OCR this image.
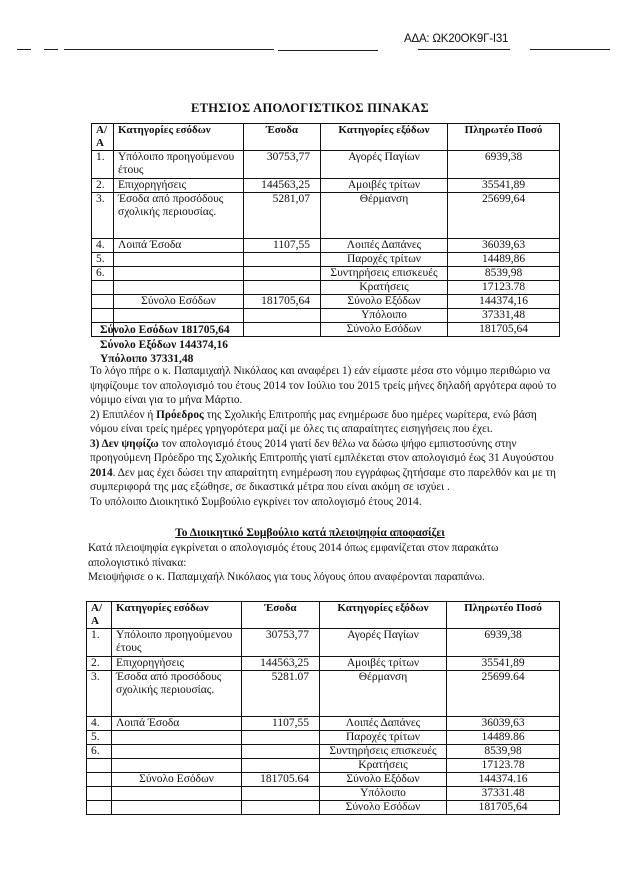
ΑΔΑ: ΩΚ20ΟΚ9Γ-Ι31
ΕΤΗΣΙΟΣ ΑΠΟΛΟΓΙΣΤΙΚΟΣ ΠΙΝΑΚΑΣ
Α/Α	Κατηγορίες εσόδων	Έσοδα	Κατηγορίες εξόδων	Πληρωτέο Ποσό
1.	Υπόλοιπο προηγούμενου έτους	30753,77	Αγορές Παγίων	6939,38
2.	Επιχορηγήσεις	144563,25	Αμοιβές τρίτων	35541,89
3.	Έσοδα από προσόδους σχολικής περιουσίας.	5281,07	Θέρμανση	25699,64
4.	Λοιπά Έσοδα	1107,55	Λοιπές Δαπάνες	36039,63
5.			Παροχές τρίτων	14489,86
6.			Συντηρήσεις επισκευές	8539,98
			Κρατήσεις	17123.78
	Σύνολο Εσόδων	181705,64	Σύνολο Εξόδων	144374,16
			Υπόλοιπο	37331,48
			Σύνολο Εσόδων	181705,64
Σύνολο Εσόδων 181705,64
Σύνολο Εξόδων 144374,16
Υπόλοιπο 37331,48
Το λόγο πήρε ο κ. Παπαμιχαήλ Νικόλαος και αναφέρει 1) εάν είμαστε μέσα στο νόμιμο περιθώριο να ψηφίζουμε τον απολογισμό του έτους 2014 τον Ιούλιο του 2015 τρείς μήνες δηλαδή αργότερα αφού το νόμιμο είναι για το μήνα Μάρτιο.
2) Επιπλέον ή Πρόεδρος της Σχολικής Επιτροπής μας ενημέρωσε δυο ημέρες νωρίτερα, ενώ βάση νόμου είναι τρείς ημέρες γρηγορότερα μαζί με όλες τις απαραίτητες εισηγήσεις που έχει.
3) Δεν ψηφίζω τον απολογισμό έτους 2014 γιατί δεν θέλω να δώσω ψήφο εμπιστοσύνης στην προηγούμενη Πρόεδρο της Σχολικής Επιτροπής γιατί εμπλέκεται στον απολογισμό έως 31 Αυγούστου 2014. Δεν μας έχει δώσει την απαραίτητη ενημέρωση που εγγράφως ζητήσαμε στο παρελθόν και με τη συμπεριφορά της μας εξώθησε, σε δικαστικά μέτρα που είναι ακόμη σε ισχύει .
Το υπόλοιπο Διοικητικό Συμβούλιο εγκρίνει τον απολογισμό έτους 2014.
Το Διοικητικό Συμβούλιο κατά πλειοψηφία αποφασίζει
Κατά πλειοψηφία εγκρίνεται ο απολογισμός έτους 2014 όπως εμφανίζεται στον παρακάτω απολογιστικό πίνακα:
Μειοψήφισε ο κ. Παπαμιχαήλ Νικόλαος για τους λόγους όπου αναφέρονται παραπάνω.
Α/Α	Κατηγορίες εσόδων	Έσοδα	Κατηγορίες εξόδων	Πληρωτέο Ποσό
1.	Υπόλοιπο προηγούμενου έτους	30753,77	Αγορές Παγίων	6939,38
2.	Επιχορηγήσεις	144563,25	Αμοιβές τρίτων	35541,89
3.	Έσοδα από προσόδους σχολικής περιουσίας.	5281.07	Θέρμανση	25699.64
4.	Λοιπά Έσοδα	1107,55	Λοιπές Δαπάνες	36039,63
5.			Παροχές τρίτων	14489.86
6.			Συντηρήσεις επισκευές	8539,98
			Κρατήσεις	17123.78
	Σύνολο Εσόδων	181705.64	Σύνολο Εξόδων	144374.16
			Υπόλοιπο	37331.48
			Σύνολο Εσόδων	181705,64
